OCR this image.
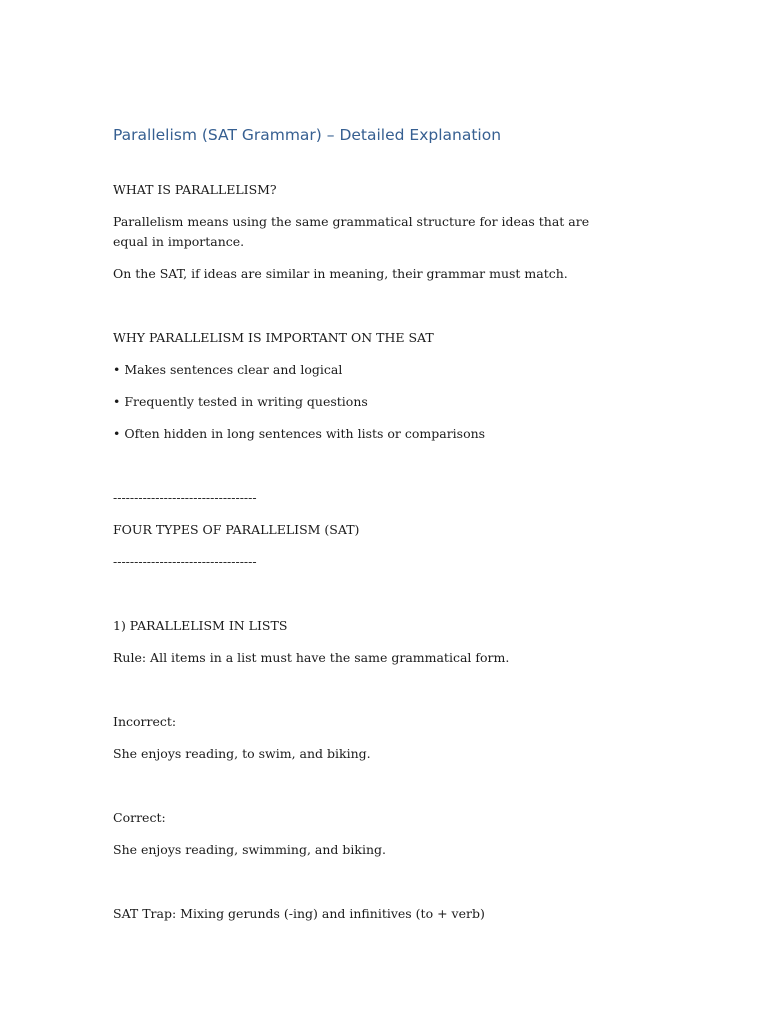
Parallelism (SAT Grammar) – Detailed Explanation

WHAT IS PARALLELISM?

Parallelism means using the same grammatical structure for ideas that are equal in importance.

On the SAT, if ideas are similar in meaning, their grammar must match.

WHY PARALLELISM IS IMPORTANT ON THE SAT

• Makes sentences clear and logical

• Frequently tested in writing questions

• Often hidden in long sentences with lists or comparisons

----------------------------------

FOUR TYPES OF PARALLELISM (SAT)

----------------------------------

1) PARALLELISM IN LISTS

Rule: All items in a list must have the same grammatical form.

Incorrect:

She enjoys reading, to swim, and biking.

Correct:

She enjoys reading, swimming, and biking.

SAT Trap: Mixing gerunds (-ing) and infinitives (to + verb)
